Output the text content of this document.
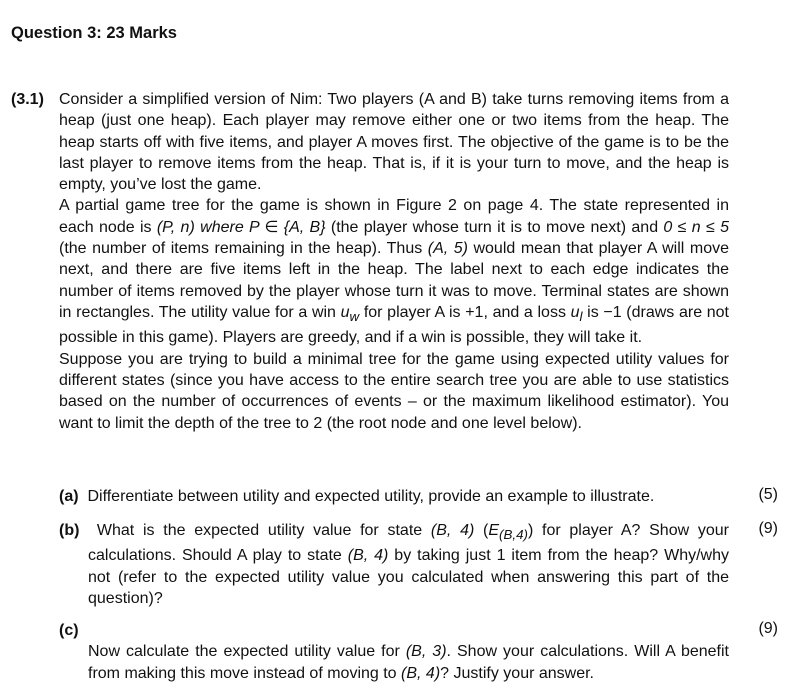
Question 3: 23 Marks
(3.1) Consider a simplified version of Nim: Two players (A and B) take turns removing items from a heap (just one heap). Each player may remove either one or two items from the heap. The heap starts off with five items, and player A moves first. The objective of the game is to be the last player to remove items from the heap. That is, if it is your turn to move, and the heap is empty, you’ve lost the game.

A partial game tree for the game is shown in Figure 2 on page 4. The state represented in each node is (P, n) where P ∈ {A, B} (the player whose turn it is to move next) and 0 ≤ n ≤ 5 (the number of items remaining in the heap). Thus (A, 5) would mean that player A will move next, and there are five items left in the heap. The label next to each edge indicates the number of items removed by the player whose turn it was to move. Terminal states are shown in rectangles. The utility value for a win $u_w$ for player A is +1, and a loss $u_l$ is −1 (draws are not possible in this game). Players are greedy, and if a win is possible, they will take it.

Suppose you are trying to build a minimal tree for the game using expected utility values for different states (since you have access to the entire search tree you are able to use statistics based on the number of occurrences of events – or the maximum likelihood estimator). You want to limit the depth of the tree to 2 (the root node and one level below).

(a) Differentiate between utility and expected utility, provide an example to illustrate.	(5)
(b) What is the expected utility value for state (B, 4) $(E_{(B,4)})$ for player A? Show your calculations. Should A play to state (B, 4) by taking just 1 item from the heap? Why/why not (refer to the expected utility value you calculated when answering this part of the question)?
(9)
(c)
Now calculate the expected utility value for (B, 3). Show your calculations. Will A benefit from making this move instead of moving to (B, 4)? Justify your answer.
(9)
